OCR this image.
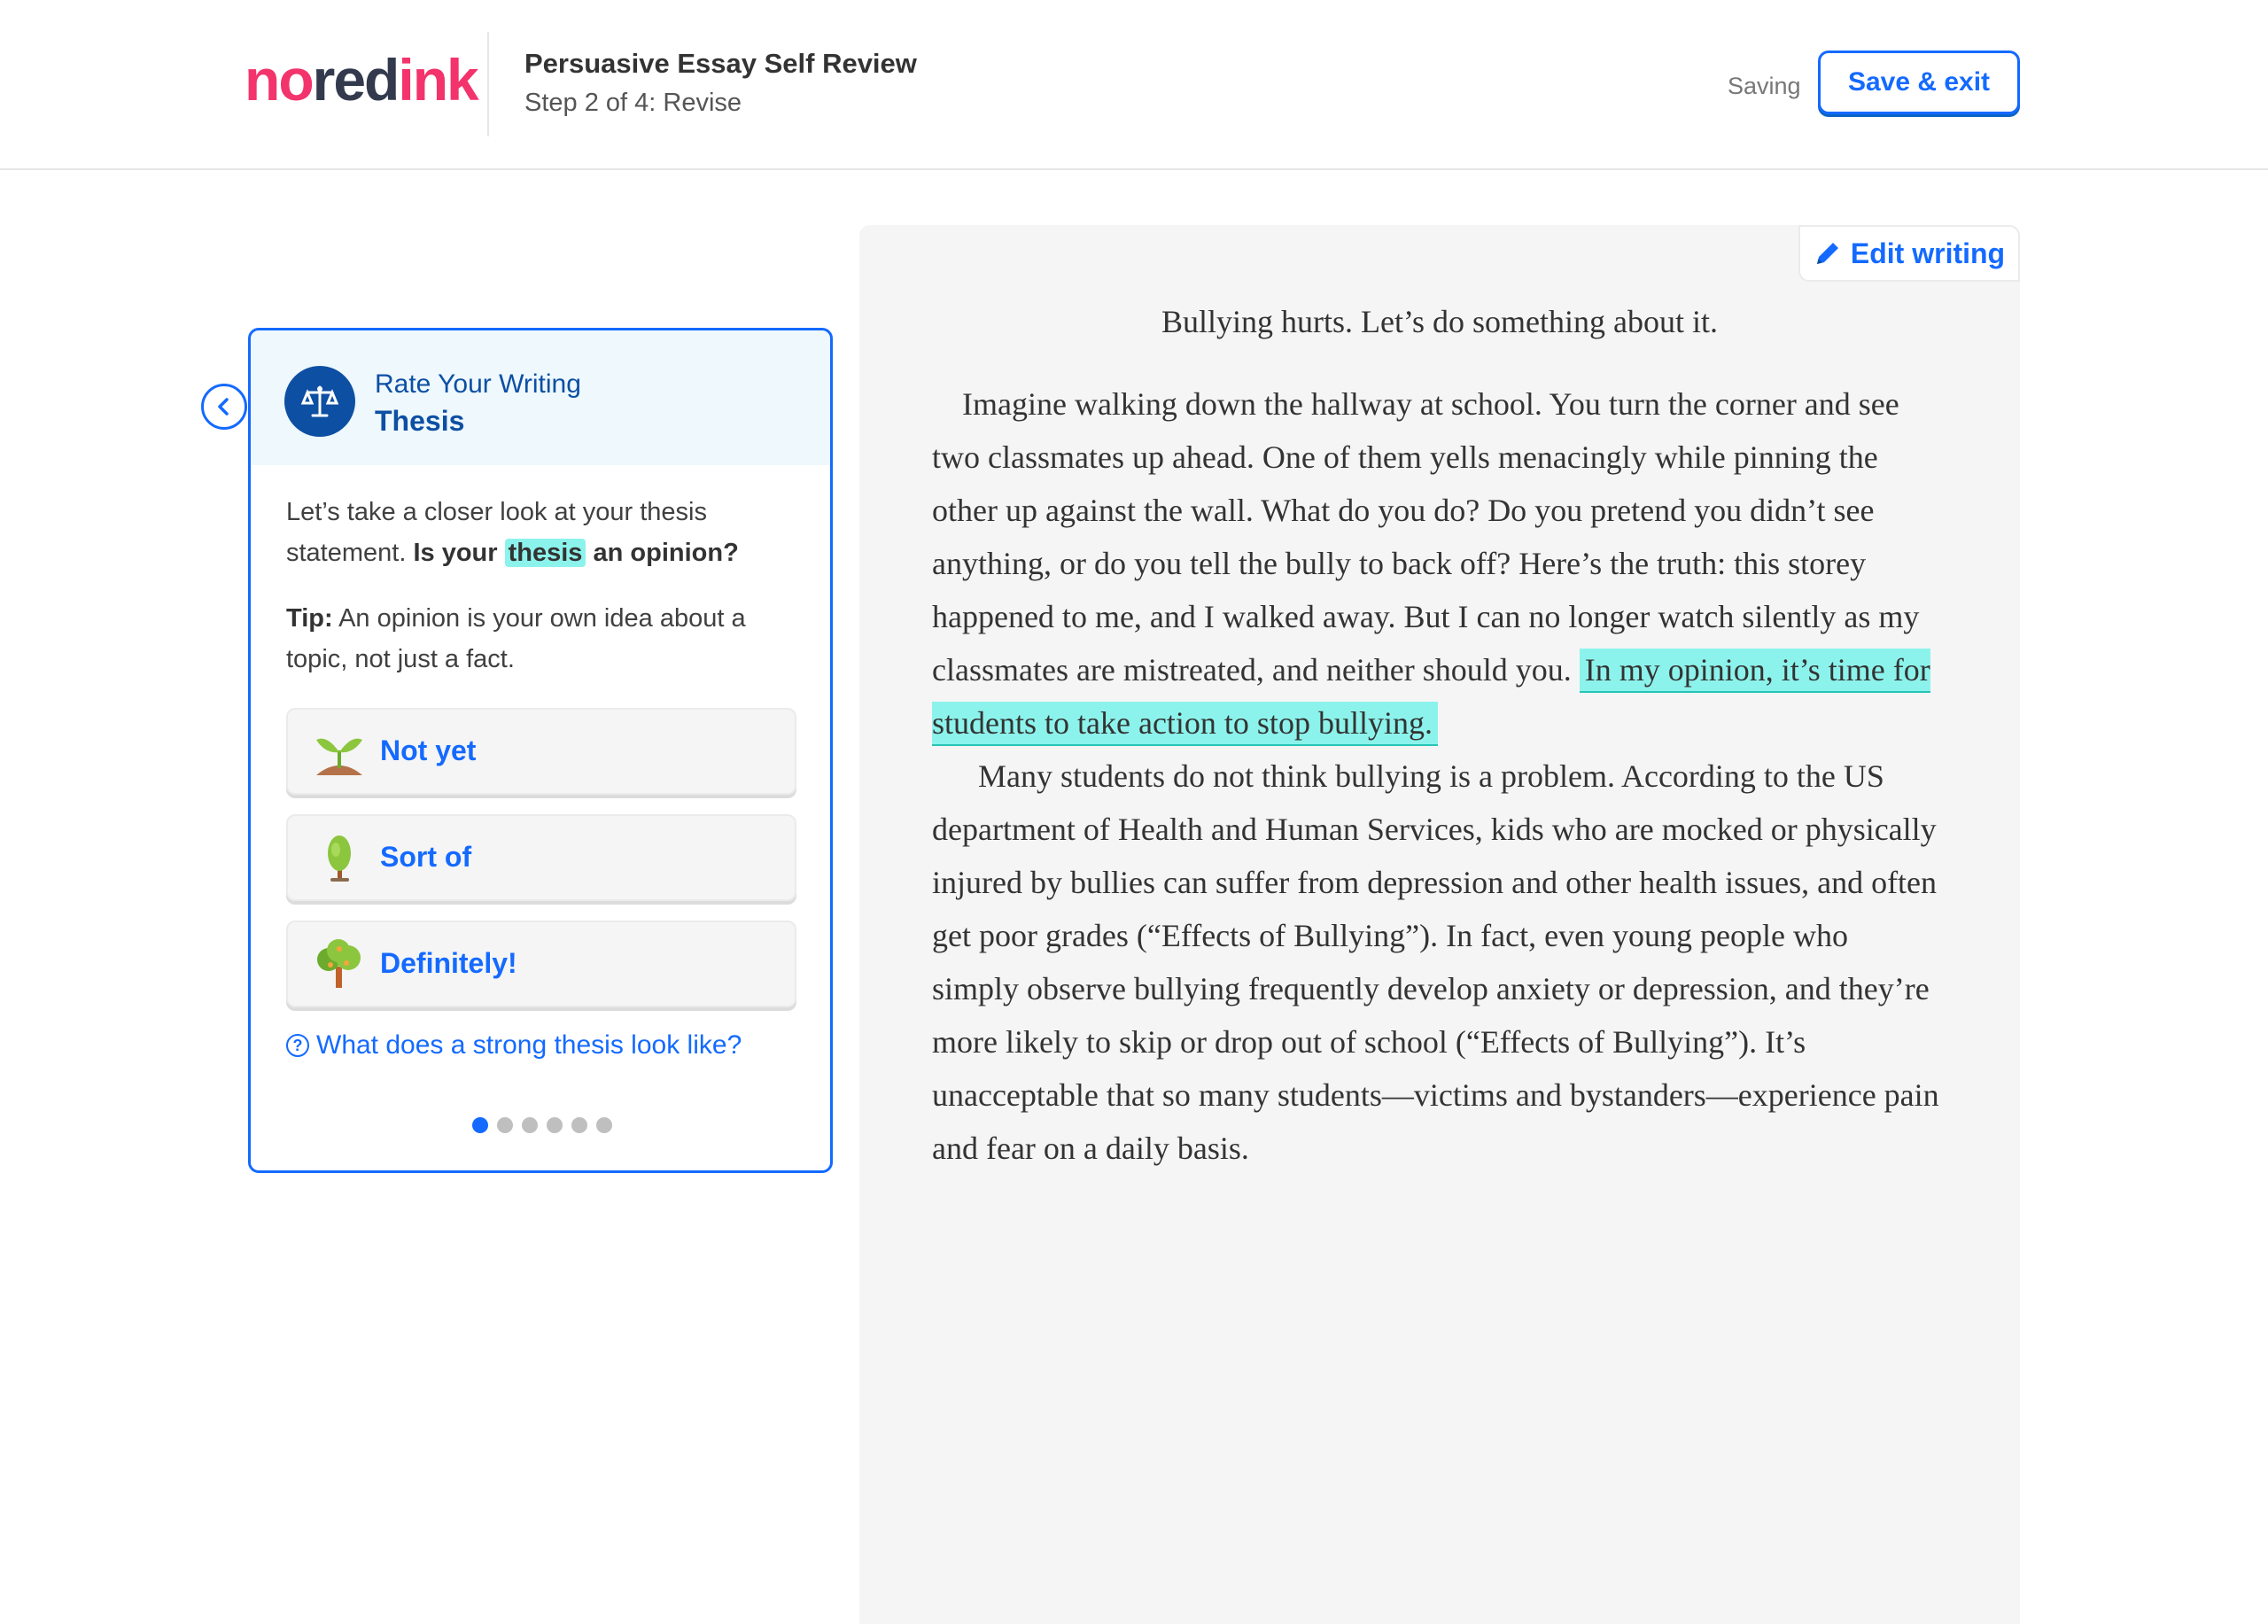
noredink Persuasive Essay Self Review
Step 2 of 4: Revise
Saving	Save & exit
Rate Your Writing
Thesis

Let’s take a closer look at your thesis statement. Is your thesis an opinion?

Tip: An opinion is your own idea about a topic, not just a fact.

Not yet
Sort of
Definitely!
? What does a strong thesis look like?
Edit writing
Bullying hurts. Let’s do something about it.

Imagine walking down the hallway at school. You turn the corner and see two classmates up ahead. One of them yells menacingly while pinning the other up against the wall. What do you do? Do you pretend you didn’t see anything, or do you tell the bully to back off? Here’s the truth: this storey happened to me, and I walked away. But I can no longer watch silently as my classmates are mistreated, and neither should you. In my opinion, it’s time for students to take action to stop bullying.

Many students do not think bullying is a problem. According to the US department of Health and Human Services, kids who are mocked or physically injured by bullies can suffer from depression and other health issues, and often get poor grades (“Effects of Bullying”). In fact, even young people who simply observe bullying frequently develop anxiety or depression, and they’re more likely to skip or drop out of school (“Effects of Bullying”). It’s unacceptable that so many students—victims and bystanders—experience pain and fear on a daily basis.
